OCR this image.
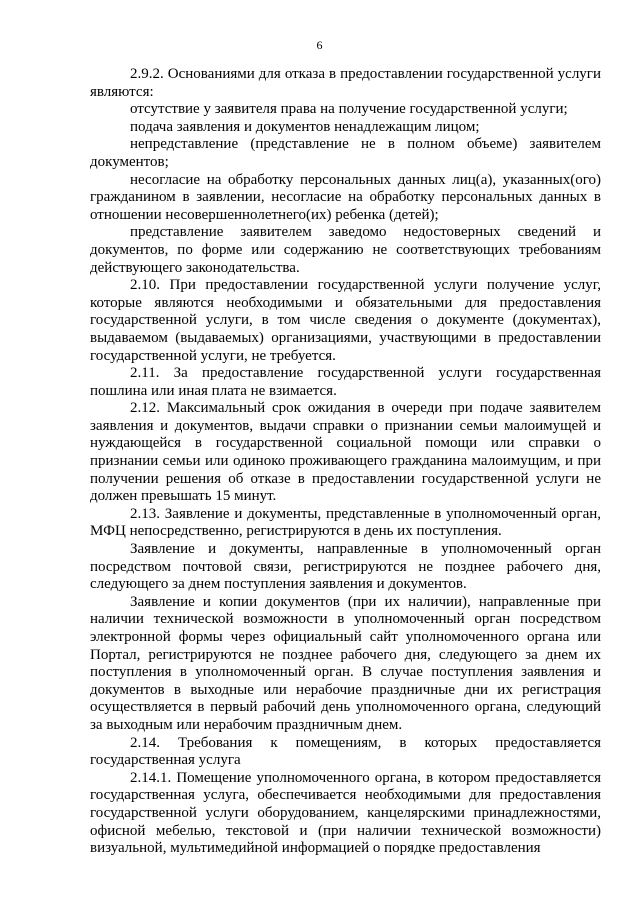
6

2.9.2. Основаниями для отказа в предоставлении государственной услуги являются:

отсутствие у заявителя права на получение государственной услуги;

подача заявления и документов ненадлежащим лицом;

непредставление (представление не в полном объеме) заявителем документов;

несогласие на обработку персональных данных лиц(а), указанных(ого) гражданином в заявлении, несогласие на обработку персональных данных в отношении несовершеннолетнего(их) ребенка (детей);

представление заявителем заведомо недостоверных сведений и документов, по форме или содержанию не соответствующих требованиям действующего законодательства.

2.10. При предоставлении государственной услуги получение услуг, которые являются необходимыми и обязательными для предоставления государственной услуги, в том числе сведения о документе (документах), выдаваемом (выдаваемых) организациями, участвующими в предоставлении государственной услуги, не требуется.

2.11. За предоставление государственной услуги государственная пошлина или иная плата не взимается.

2.12. Максимальный срок ожидания в очереди при подаче заявителем заявления и документов, выдачи справки о признании семьи малоимущей и нуждающейся в государственной социальной помощи или справки о признании семьи или одиноко проживающего гражданина малоимущим, и при получении решения об отказе в предоставлении государственной услуги не должен превышать 15 минут.

2.13. Заявление и документы, представленные в уполномоченный орган, МФЦ непосредственно, регистрируются в день их поступления.

Заявление и документы, направленные в уполномоченный орган посредством почтовой связи, регистрируются не позднее рабочего дня, следующего за днем поступления заявления и документов.

Заявление и копии документов (при их наличии), направленные при наличии технической возможности в уполномоченный орган посредством электронной формы через официальный сайт уполномоченного органа или Портал, регистрируются не позднее рабочего дня, следующего за днем их поступления в уполномоченный орган. В случае поступления заявления и документов в выходные или нерабочие праздничные дни их регистрация осуществляется в первый рабочий день уполномоченного органа, следующий за выходным или нерабочим праздничным днем.

2.14. Требования к помещениям, в которых предоставляется государственная услуга

2.14.1. Помещение уполномоченного органа, в котором предоставляется государственная услуга, обеспечивается необходимыми для предоставления государственной услуги оборудованием, канцелярскими принадлежностями, офисной мебелью, текстовой и (при наличии технической возможности) визуальной, мультимедийной информацией о порядке предоставления
